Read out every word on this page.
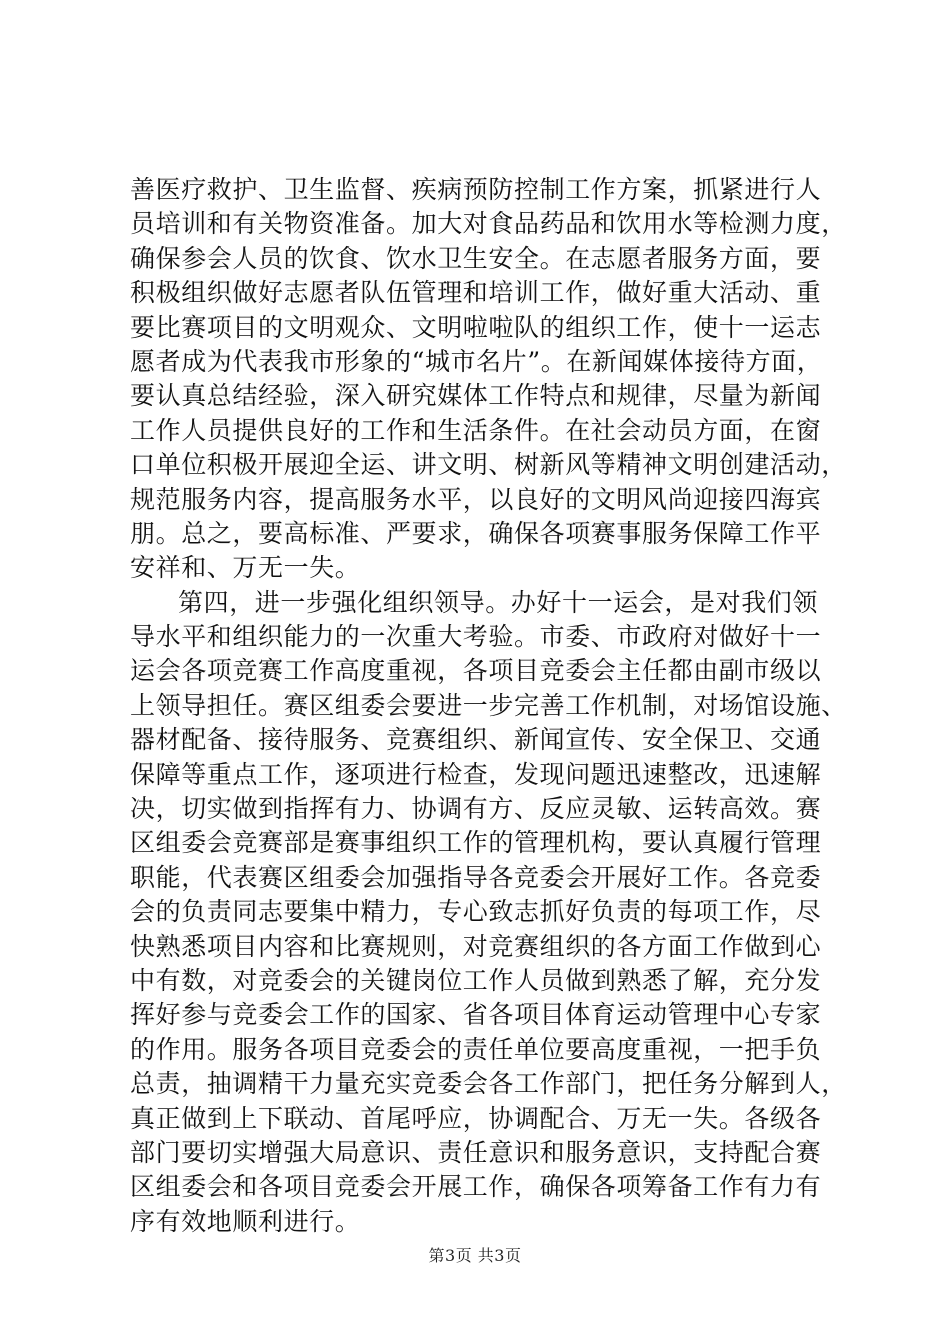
善医疗救护、卫生监督、疾病预防控制工作方案，抓紧进行人
员培训和有关物资准备。加大对食品药品和饮用水等检测力度，
确保参会人员的饮食、饮水卫生安全。在志愿者服务方面，要
积极组织做好志愿者队伍管理和培训工作，做好重大活动、重
要比赛项目的文明观众、文明啦啦队的组织工作，使十一运志
愿者成为代表我市形象的“城市名片”。在新闻媒体接待方面，
要认真总结经验，深入研究媒体工作特点和规律，尽量为新闻
工作人员提供良好的工作和生活条件。在社会动员方面，在窗
口单位积极开展迎全运、讲文明、树新风等精神文明创建活动，
规范服务内容，提高服务水平，以良好的文明风尚迎接四海宾
朋。总之，要高标准、严要求，确保各项赛事服务保障工作平
安祥和、万无一失。
第四，进一步强化组织领导。办好十一运会，是对我们领
导水平和组织能力的一次重大考验。市委、市政府对做好十一
运会各项竞赛工作高度重视，各项目竞委会主任都由副市级以
上领导担任。赛区组委会要进一步完善工作机制，对场馆设施、
器材配备、接待服务、竞赛组织、新闻宣传、安全保卫、交通
保障等重点工作，逐项进行检查，发现问题迅速整改，迅速解
决，切实做到指挥有力、协调有方、反应灵敏、运转高效。赛
区组委会竞赛部是赛事组织工作的管理机构，要认真履行管理
职能，代表赛区组委会加强指导各竞委会开展好工作。各竞委
会的负责同志要集中精力，专心致志抓好负责的每项工作，尽
快熟悉项目内容和比赛规则，对竞赛组织的各方面工作做到心
中有数，对竞委会的关键岗位工作人员做到熟悉了解，充分发
挥好参与竞委会工作的国家、省各项目体育运动管理中心专家
的作用。服务各项目竞委会的责任单位要高度重视，一把手负
总责，抽调精干力量充实竞委会各工作部门，把任务分解到人，
真正做到上下联动、首尾呼应，协调配合、万无一失。各级各
部门要切实增强大局意识、责任意识和服务意识，支持配合赛
区组委会和各项目竞委会开展工作，确保各项筹备工作有力有
序有效地顺利进行。
第3页 共3页
